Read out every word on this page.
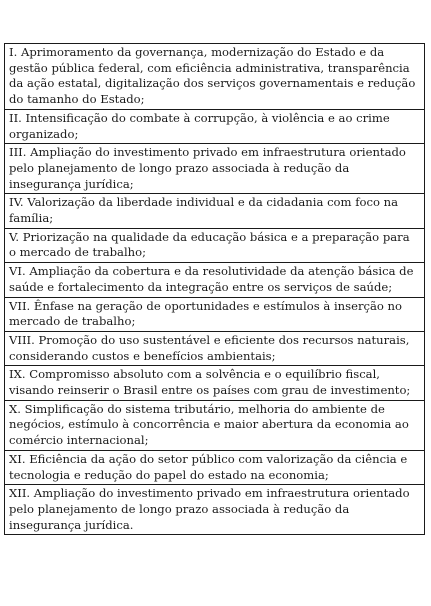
I. Aprimoramento da governança, modernização do Estado e da gestão pública federal, com eficiência administrativa, transparência da ação estatal, digitalização dos serviços governamentais e redução do tamanho do Estado;
II. Intensificação do combate à corrupção, à violência e ao crime organizado;
III. Ampliação do investimento privado em infraestrutura orientado pelo planejamento de longo prazo associada à redução da insegurança jurídica;
IV. Valorização da liberdade individual e da cidadania com foco na família;
V. Priorização na qualidade da educação básica e a preparação para o mercado de trabalho;
VI. Ampliação da cobertura e da resolutividade da atenção básica de saúde e fortalecimento da integração entre os serviços de saúde;
VII. Ênfase na geração de oportunidades e estímulos à inserção no mercado de trabalho;
VIII. Promoção do uso sustentável e eficiente dos recursos naturais, considerando custos e benefícios ambientais;
IX. Compromisso absoluto com a solvência e o equilíbrio fiscal, visando reinserir o Brasil entre os países com grau de investimento;
X. Simplificação do sistema tributário, melhoria do ambiente de negócios, estímulo à concorrência e maior abertura da economia ao comércio internacional;
XI. Eficiência da ação do setor público com valorização da ciência e tecnologia e redução do papel do estado na economia;
XII. Ampliação do investimento privado em infraestrutura orientado pelo planejamento de longo prazo associada à redução da insegurança jurídica.
